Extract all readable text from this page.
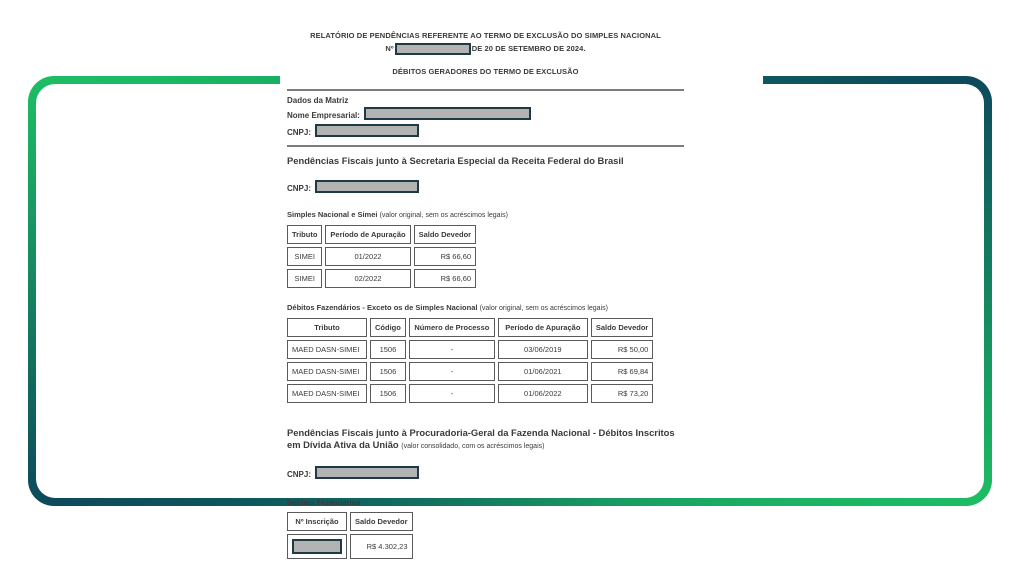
RELATÓRIO DE PENDÊNCIAS REFERENTE AO TERMO DE EXCLUSÃO DO SIMPLES NACIONAL
Nº	DE 20 DE SETEMBRO DE 2024.
DÉBITOS GERADORES DO TERMO DE EXCLUSÃO
Dados da Matriz
Nome Empresarial:
CNPJ:
Pendências Fiscais junto à Secretaria Especial da Receita Federal do Brasil
CNPJ:
Simples Nacional e Simei (valor original, sem os acréscimos legais)
Tributo	Período de Apuração	Saldo Devedor
SIMEI	01/2022	R$ 66,60
SIMEI	02/2022	R$ 66,60
Débitos Fazendários - Exceto os de Simples Nacional (valor original, sem os acréscimos legais)
Tributo	Código	Número de Processo	Período de Apuração	Saldo Devedor
MAED DASN-SIMEI	1506	-	03/06/2019	R$ 50,00
MAED DASN-SIMEI	1506	-	01/06/2021	R$ 69,84
MAED DASN-SIMEI	1506	-	01/06/2022	R$ 73,20
Pendências Fiscais junto à Procuradoria-Geral da Fazenda Nacional - Débitos Inscritos em Dívida Ativa da União (valor consolidado, com os acréscimos legais)
CNPJ:
Débitos Fazendários
Nº Inscrição	Saldo Devedor

	R$ 4.302,23
